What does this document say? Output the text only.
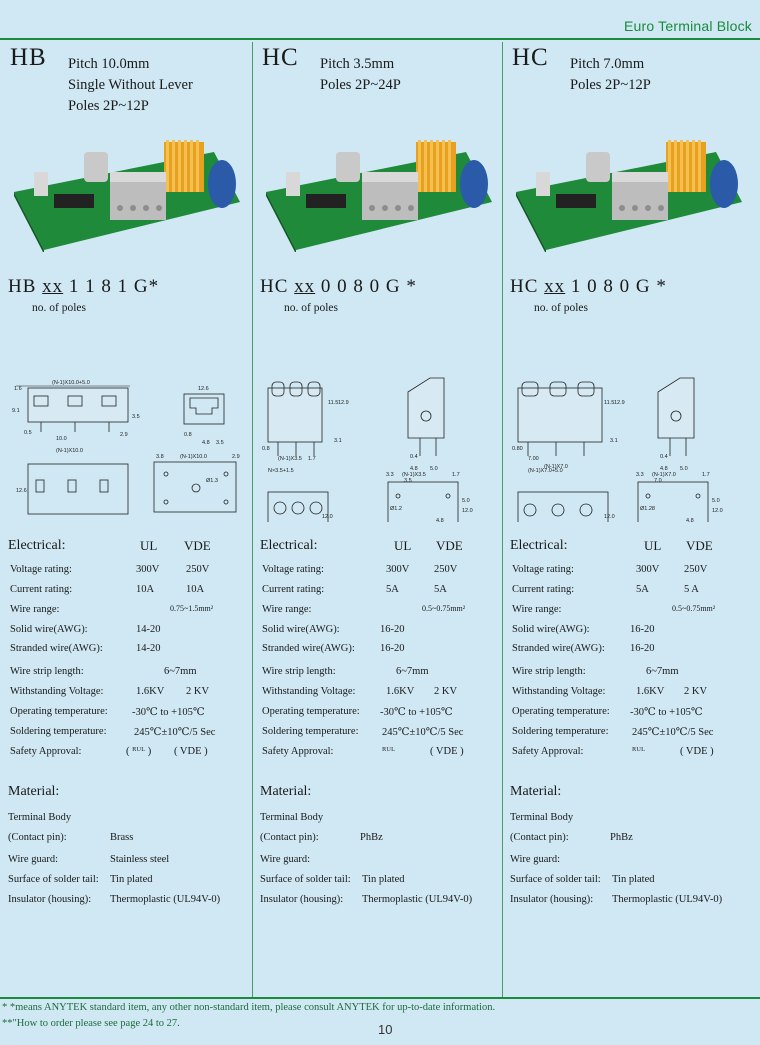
Euro Terminal Block
HB Pitch 10.0mm
Single Without Lever
Poles 2P~12P
HB xx 1 1 8 1 G*
no. of poles
(N-1)X10.0+5.0
12.6
1.6
9.1
3.5
0.5
10.0
(N-1)X10.0
2.9	0.8
4.8 3.5
3.8	(N-1)X10.0	2.9
12.6
Ø1.3
Electrical:	UL VDE
Voltage rating:	300V	250V
Current rating:	10A	10A
Wire range:	0.75~1.5mm²
Solid wire(AWG):	14-20
Stranded wire(AWG):	14-20
Wire strip length:	6~7mm
Withstanding Voltage:	1.6KV 2 KV
Operating temperature: -30℃ to +105℃
Soldering temperature:	245℃±10℃/5 Sec
Safety Approval:	( ᴿᵁᴸ ) ( VDE )
Material:
Terminal Body
(Contact pin):	Brass
Wire guard:	Stainless steel
Surface of solder tail: Tin plated
Insulator (housing): Thermoplastic (UL94V-0)
HC Pitch 3.5mm
Poles 2P~24P
HC xx 0 0 8 0 G *
no. of poles
11.5 12.9
3.1
0.8
(N-1)X3.5 1.7
N×3.5+1.5
12.0
0.4
4.8 5.0
3.3 (N-1)X3.5
3.5
1.7
Ø1.2
4.8
12.0
5.0
Electrical:	UL VDE
Voltage rating:	300V 250V
Current rating:	5A	5A
Wire range:	0.5~0.75mm²
Solid wire(AWG):	16-20
Stranded wire(AWG): 16-20
Wire strip length:	6~7mm
Withstanding Voltage:	1.6KV 2 KV
Operating temperature: -30℃ to +105℃
Soldering temperature: 245℃±10℃/5 Sec
Safety Approval:	ᴿᵁᴸ	( VDE )
Material:
Terminal Body
(Contact pin):	PhBz
Wire guard:
Surface of solder tail: Tin plated
Insulator (housing): Thermoplastic (UL94V-0)
HC Pitch 7.0mm
Poles 2P~12P
HC xx 1 0 8 0 G *
no. of poles
11.5 12.9
3.1
0.80
7.00
(N-1)X7.0
(N-1)X7.0+5.0
12.0
0.4
4.8 5.0
3.3 (N-1)X7.0
7.0
1.7
Ø1.28
4.8
12.0
5.0
Electrical:	UL VDE
Voltage rating:	300V 250V
Current rating:	5A	5 A
Wire range:	0.5~0.75mm²
Solid wire(AWG):	16-20
Stranded wire(AWG): 16-20
Wire strip length:	6~7mm
Withstanding Voltage:	1.6KV 2 KV
Operating temperature: -30℃ to +105℃
Soldering temperature: 245℃±10℃/5 Sec
Safety Approval:	ᴿᵁᴸ	( VDE )
Material:
Terminal Body
(Contact pin):	PhBz
Wire guard:
Surface of solder tail: Tin plated
Insulator (housing): Thermoplastic (UL94V-0)
* *means ANYTEK standard item, any other non-standard item, please consult ANYTEK for up-to-date information.
**"How to order please see page 24 to 27.	10
